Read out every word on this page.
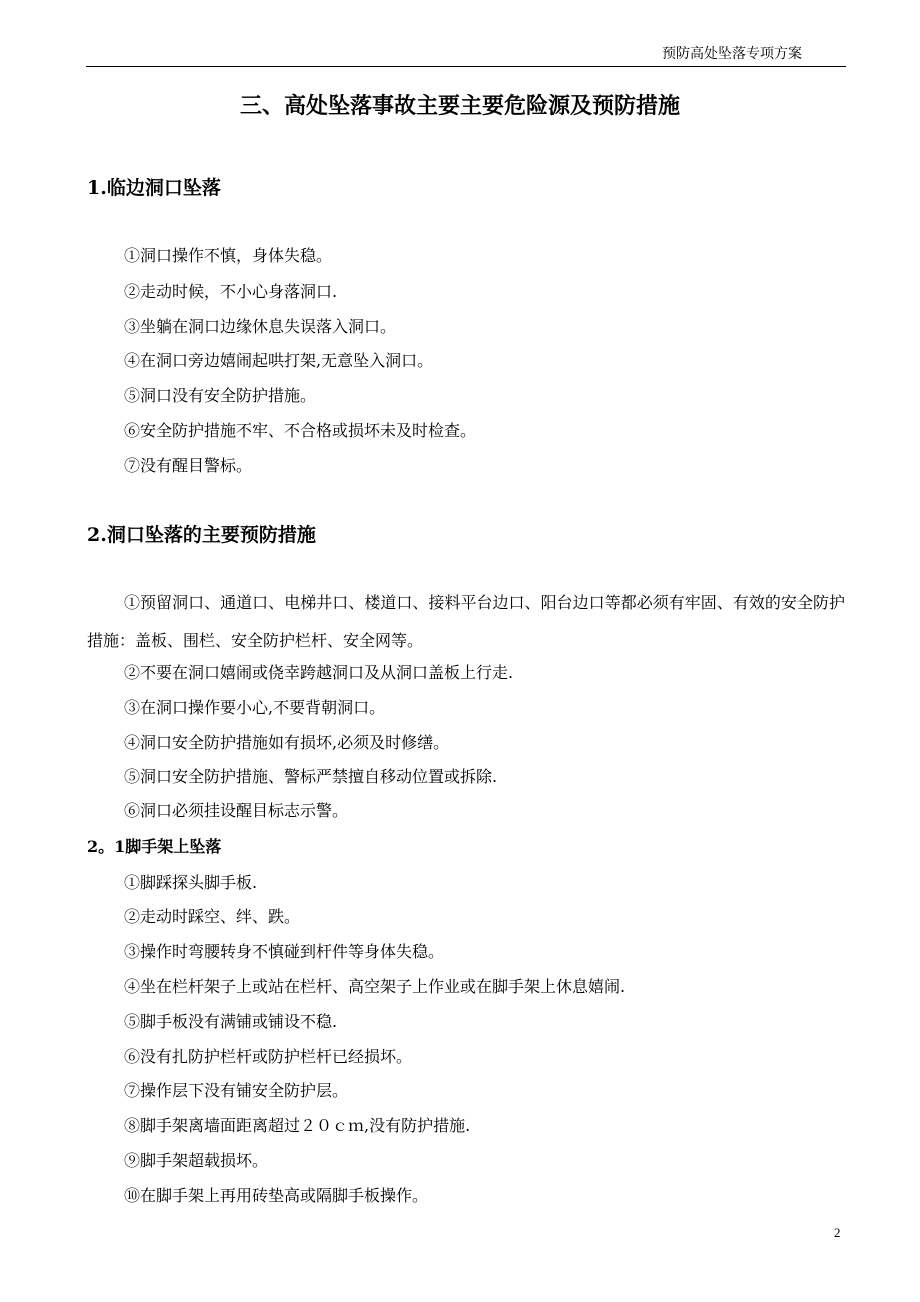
预防高处坠落专项方案
三、高处坠落事故主要主要危险源及预防措施
1.临边洞口坠落
①洞口操作不慎，身体失稳。
②走动时候，不小心身落洞口.
③坐躺在洞口边缘休息失误落入洞口。
④在洞口旁边嬉闹起哄打架,无意坠入洞口。
⑤洞口没有安全防护措施。
⑥安全防护措施不牢、不合格或损坏未及时检查。
⑦没有醒目警标。
2.洞口坠落的主要预防措施
①预留洞口、通道口、电梯井口、楼道口、接料平台边口、阳台边口等都必须有牢固、有效的安全防护措施：盖板、围栏、安全防护栏杆、安全网等。
②不要在洞口嬉闹或侥幸跨越洞口及从洞口盖板上行走.
③在洞口操作要小心,不要背朝洞口。
④洞口安全防护措施如有损坏,必须及时修缮。
⑤洞口安全防护措施、警标严禁擅自移动位置或拆除.
⑥洞口必须挂设醒目标志示警。
2。1脚手架上坠落
①脚踩探头脚手板.
②走动时踩空、绊、跌。
③操作时弯腰转身不慎碰到杆件等身体失稳。
④坐在栏杆架子上或站在栏杆、高空架子上作业或在脚手架上休息嬉闹.
⑤脚手板没有满铺或铺设不稳.
⑥没有扎防护栏杆或防护栏杆已经损坏。
⑦操作层下没有铺安全防护层。
⑧脚手架离墙面距离超过２０ｃｍ,没有防护措施.
⑨脚手架超载损坏。
⑩在脚手架上再用砖垫高或隔脚手板操作。
2
